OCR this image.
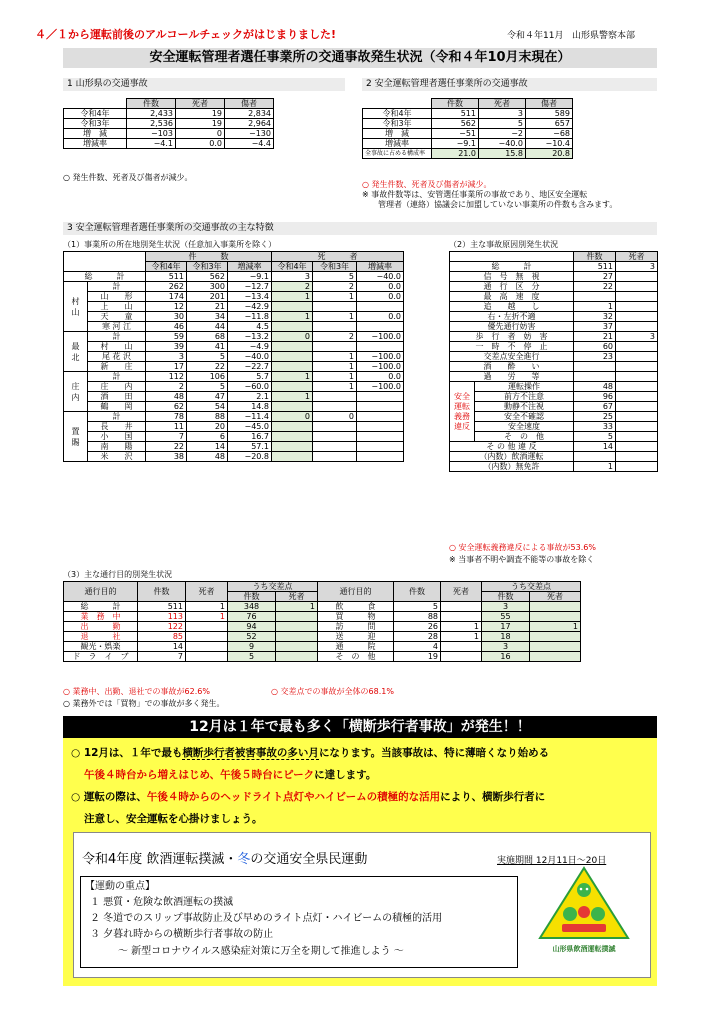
４／１から運転前後のアルコールチェックがはじまりました!	令和４年11月 山形県警察本部
安全運転管理者選任事業所の交通事故発生状況（令和４年10月末現在）
1 山形県の交通事故
	件数	死者	傷者
令和4年	2,433	19	2,834
令和3年	2,536	19	2,964
増　減	−103	0	−130
増減率	−4.1	0.0	−4.4
○ 発生件数、死者及び傷者が減少。
2 安全運転管理者選任事業所の交通事故
	件数	死者	傷者
令和4年	511	3	589
令和3年	562	5	657
増　減	−51	−2	−68
増減率	−9.1	−40.0	−10.4
全事故に占める構成率	21.0	15.8	20.8
○ 発生件数、死者及び傷者が減少。
※ 事故件数等は、安管選任事業所の事故であり、地区安全運転
管理者（連絡）協議会に加盟していない事業所の件数も含みます。
3 安全運転管理者選任事業所の交通事故の主な特徴
（1）事業所の所在地別発生状況（任意加入事業所を除く）
		件　　　数			死　　　者		
		令和4年	令和3年	増減率	令和4年	令和3年	増減率
総　　　計		511	562	−9.1	3	5	−40.0

村
山	計	262	300	−12.7	2	2	0.0
	山　　形	174	201	−13.4	1	1	0.0
	上　　山	12	21	−42.9			
	天　　童	30	34	−11.8	1	1	0.0
	寒 河 江	46	44	4.5			

最
北	計	59	68	−13.2	0	2	−100.0
	村　　山	39	41	−4.9			
	尾 花 沢	3	5	−40.0		1	−100.0
	新　　庄	17	22	−22.7		1	−100.0

庄
内	計	112	106	5.7	1	1	0.0
	庄　　内	2	5	−60.0		1	−100.0
	酒　　田	48	47	2.1	1		
	鶴　　岡	62	54	14.8			

置
賜	計	78	88	−11.4	0	0	
	長　　井	11	20	−45.0			
	小　　国	7	6	16.7			
	南　　陽	22	14	57.1			
	米　　沢	38	48	−20.8			
（2）主な事故原因別発生状況
		件数	死者
総　　　計		511	3
信　号　無　視		27	
通　行　区　分		22	
最　高　速　度			
追　　越　　し		1	
右・左折不適		32	
優先通行妨害		37	
歩　行　者　妨　害		21	3
一　時　不　停　止		60	
交差点安全進行		23	
酒　　酔　　い			
過　　労　　等			

安全
運転
義務
違反	運転操作	48	
	前方不注意	96	
	動静不注視	67	
	安全不確認	25	
	安全速度	33	
	そ　の　他	5	
そ の 他 違 反		14	
（内数）飲酒運転			
（内数）無免許		1	
○ 安全運転義務違反による事故が53.6%
※ 当事者不明や調査不能等の事故を除く
（3）主な通行目的別発生状況
通行目的	件数	死者	うち交差点		通行目的	件数	死者	うち交差点	
			件数	死者				件数	死者
総　　　計	511	1	348	1	飲　　　食	5		3	
業　務　中	113	1	76		買　　　物	88		55	
出　　　勤	122		94		訪　　　問	26	1	17	1
退　　　社	85		52		送　　　迎	28	1	18	
観光・娯楽	14		9		通　　　院	4		3	
ド　ラ　イ　ブ	7		5		そ　の　他	19		16	
○ 業務中、出勤、退社での事故が62.6%	○ 交差点での事故が全体の68.1%
○ 業務外では「買物」での事故が多く発生。
12月は１年で最も多く「横断歩行者事故」が発生！！
○ 12月は、１年で最も横断歩行者被害事故の多い月になります。当該事故は、特に薄暗くなり始める
午後４時台から増えはじめ、午後５時台にピークに達します。
○ 運転の際は、午後４時からのヘッドライト点灯やハイビームの積極的な活用により、横断歩行者に
注意し、安全運転を心掛けましょう。
令和4年度 飲酒運転撲滅・冬の交通安全県民運動	実施期間 12月11日〜20日
【運動の重点】
１ 悪質・危険な飲酒運転の撲滅
２ 冬道でのスリップ事故防止及び早めのライト点灯・ハイビームの積極的活用
３ 夕暮れ時からの横断歩行者事故の防止
〜 新型コロナウイルス感染症対策に万全を期して推進しよう 〜	山形県飲酒運転撲滅
